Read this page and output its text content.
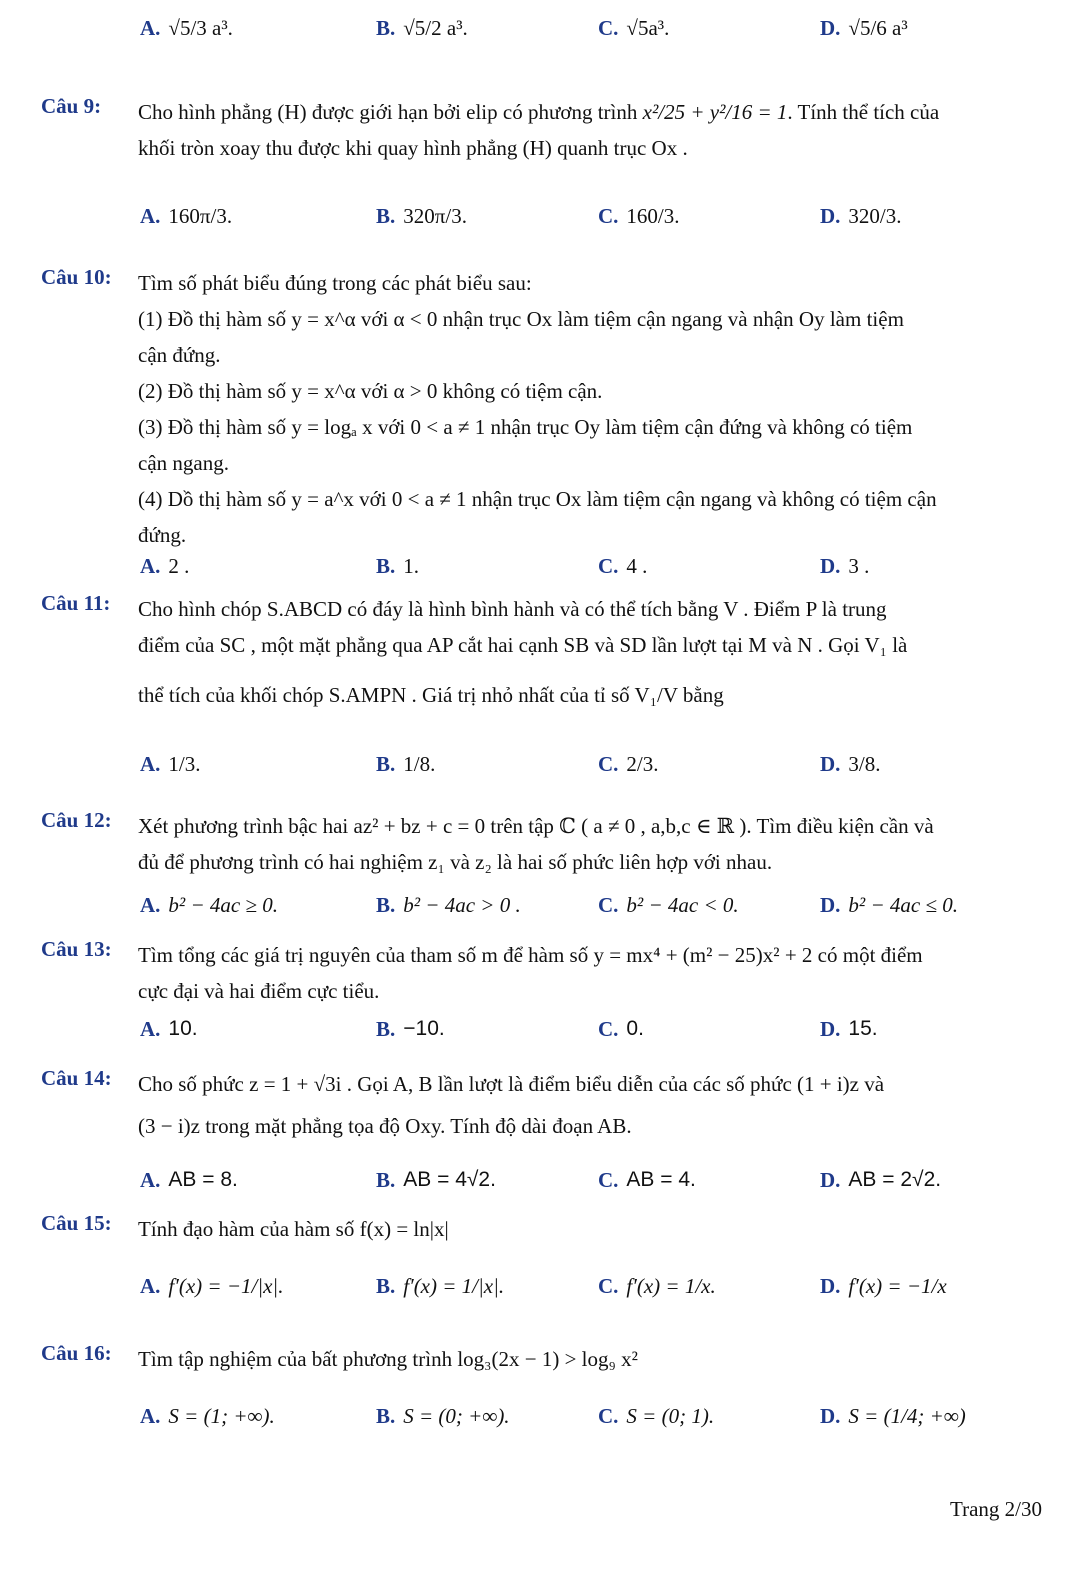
A. √5/3 a³.	B. √5/2 a³.	C. √5a³.	D. √5/6 a³
Câu 9: Cho hình phẳng (H) được giới hạn bởi elip có phương trình x²/25 + y²/16 = 1. Tính thể tích của
khối tròn xoay thu được khi quay hình phẳng (H) quanh trục Ox .
A. 160π/3.	B. 320π/3.	C. 160/3.	D. 320/3.
Câu 10: Tìm số phát biểu đúng trong các phát biểu sau:
(1) Đồ thị hàm số y = x^α với α < 0 nhận trục Ox làm tiệm cận ngang và nhận Oy làm tiệm
cận đứng.
(2) Đồ thị hàm số y = x^α với α > 0 không có tiệm cận.
(3) Đồ thị hàm số y = logₐ x với 0 < a ≠ 1 nhận trục Oy làm tiệm cận đứng và không có tiệm
cận ngang.
(4) Dồ thị hàm số y = a^x với 0 < a ≠ 1 nhận trục Ox làm tiệm cận ngang và không có tiệm cận
đứng.
A. 2 .	B. 1.	C. 4 .	D. 3 .
Câu 11: Cho hình chóp S.ABCD có đáy là hình bình hành và có thể tích bằng V . Điểm P là trung
điểm của SC , một mặt phẳng qua AP cắt hai cạnh SB và SD lần lượt tại M và N . Gọi V₁ là
thể tích của khối chóp S.AMPN . Giá trị nhỏ nhất của tỉ số V₁/V bằng
A. 1/3.	B. 1/8.	C. 2/3.	D. 3/8.
Câu 12: Xét phương trình bậc hai az² + bz + c = 0 trên tập ℂ ( a ≠ 0 , a,b,c ∈ ℝ ). Tìm điều kiện cần và
đủ để phương trình có hai nghiệm z₁ và z₂ là hai số phức liên hợp với nhau.
A. b² − 4ac ≥ 0.	B. b² − 4ac > 0 .	C. b² − 4ac < 0.	D. b² − 4ac ≤ 0.
Câu 13: Tìm tổng các giá trị nguyên của tham số m để hàm số y = mx⁴ + (m² − 25)x² + 2 có một điểm
cực đại và hai điểm cực tiểu.
A. 10.	B. −10.	C. 0.	D. 15.
Câu 14: Cho số phức z = 1 + √3i . Gọi A, B lần lượt là điểm biểu diễn của các số phức (1 + i)z và
(3 − i)z trong mặt phẳng tọa độ Oxy. Tính độ dài đoạn AB.
A. AB = 8.	B. AB = 4√2.	C. AB = 4.	D. AB = 2√2.
Câu 15: Tính đạo hàm của hàm số f(x) = ln|x|
A. f′(x) = −1/|x|.	B. f′(x) = 1/|x|.	C. f′(x) = 1/x.	D. f′(x) = −1/x
Câu 16: Tìm tập nghiệm của bất phương trình log₃(2x − 1) > log₉ x²
A. S = (1; +∞).	B. S = (0; +∞).	C. S = (0; 1).	D. S = (1/4; +∞)
Trang 2/30
